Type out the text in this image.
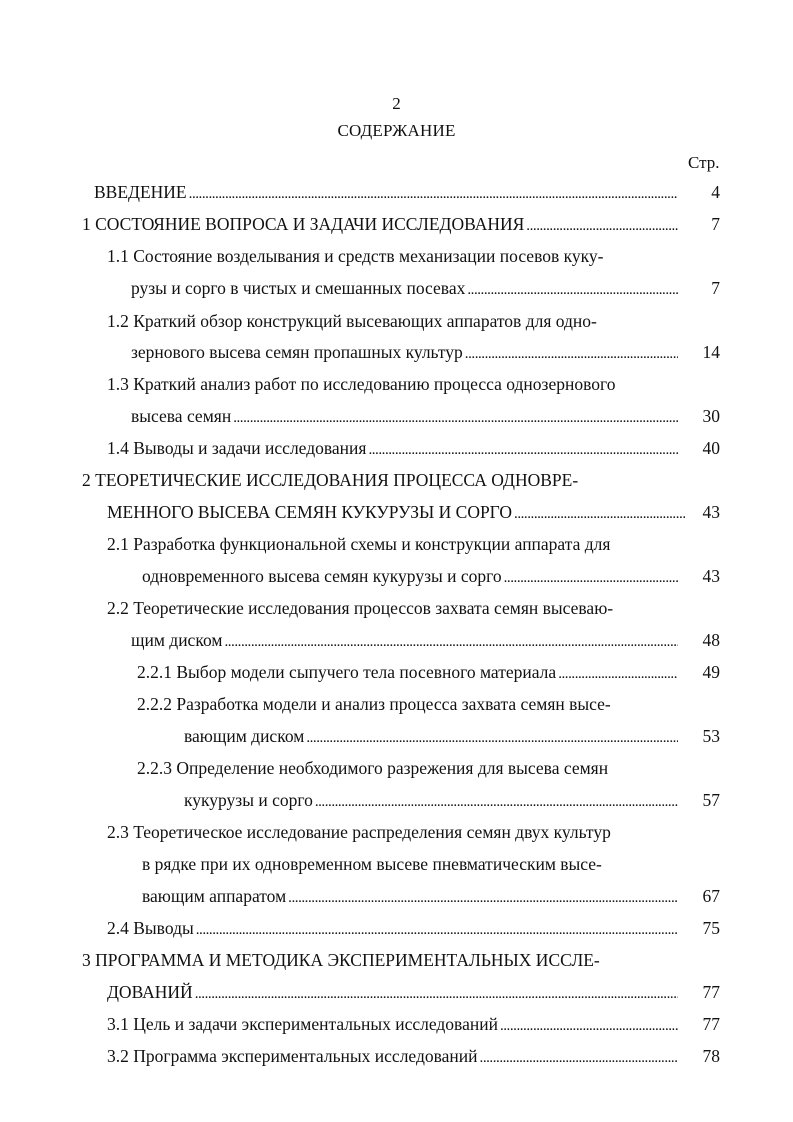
2
СОДЕРЖАНИЕ
Стр.
ВВЕДЕНИЕ . . .	4
1 СОСТОЯНИЕ ВОПРОСА И ЗАДАЧИ ИССЛЕДОВАНИЯ . . .	7
1.1 Состояние возделывания и средств механизации посевов куку-
рузы и сорго в чистых и смешанных посевах . . .	7
1.2 Краткий обзор конструкций высевающих аппаратов для одно-
зернового высева семян пропашных культур . . .	14
1.3 Краткий анализ работ по исследованию процесса однозернового
высева семян . . .	30
1.4 Выводы и задачи исследования . . .	40
2 ТЕОРЕТИЧЕСКИЕ ИССЛЕДОВАНИЯ ПРОЦЕССА ОДНОВРЕ-
МЕННОГО ВЫСЕВА СЕМЯН КУКУРУЗЫ И СОРГО . . .	43
2.1 Разработка функциональной схемы и конструкции аппарата для
одновременного высева семян кукурузы и сорго . . .	43
2.2 Теоретические исследования процессов захвата семян высеваю-
щим диском . . .	48
2.2.1 Выбор модели сыпучего тела посевного материала . . .	49
2.2.2 Разработка модели и анализ процесса захвата семян высе-
вающим диском . . .	53
2.2.3 Определение необходимого разрежения для высева семян
кукурузы и сорго . . .	57
2.3 Теоретическое исследование распределения семян двух культур
в рядке при их одновременном высеве пневматическим высе-
вающим аппаратом . . .	67
2.4 Выводы . . .	75
3 ПРОГРАММА И МЕТОДИКА ЭКСПЕРИМЕНТАЛЬНЫХ ИССЛЕ-
ДОВАНИЙ . . .	77
3.1 Цель и задачи экспериментальных исследований . . .	77
3.2 Программа экспериментальных исследований . . .	78
